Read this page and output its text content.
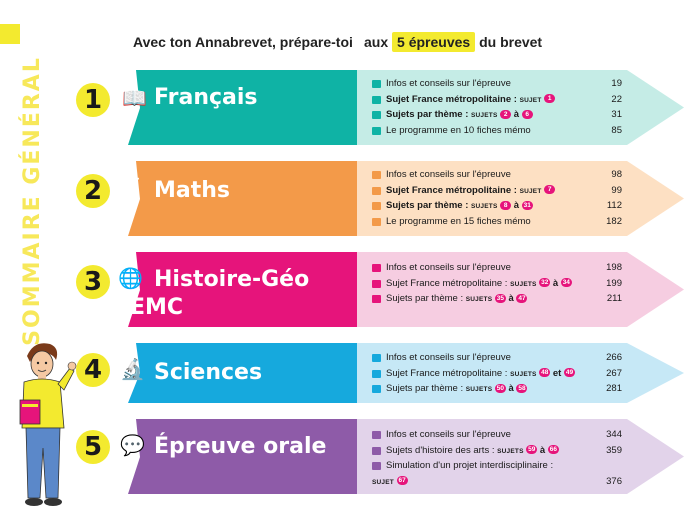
Avec ton Annabrevet, prépare-toi aux 5 épreuves du brevet
SOMMAIRE GÉNÉRAL	1	Français
📖
Infos et conseils sur l'épreuve	19
Sujet France métropolitaine : SUJET 1	22
Sujets par thème : SUJETS 2 à 6	31
Le programme en 10 fiches mémo	85
2	Maths
√‾
Infos et conseils sur l'épreuve	98
Sujet France métropolitaine : SUJET 7	99
Sujets par thème : SUJETS 8 à 31	112
Le programme en 15 fiches mémo	182
3	Histoire-Géo
EMC
🌐
Infos et conseils sur l'épreuve	198
Sujet France métropolitaine : SUJETS 32 à 34	199
Sujets par thème : SUJETS 35 à 47	211
4	Sciences
🔬
Infos et conseils sur l'épreuve	266
Sujet France métropolitaine : SUJETS 48 et 49	267
Sujets par thème : SUJETS 50 à 58	281
5	Épreuve orale
💬
Infos et conseils sur l'épreuve	344
Sujets d'histoire des arts : SUJETS 59 à 66	359
Simulation d'un projet interdisciplinaire :
SUJET 67	376
